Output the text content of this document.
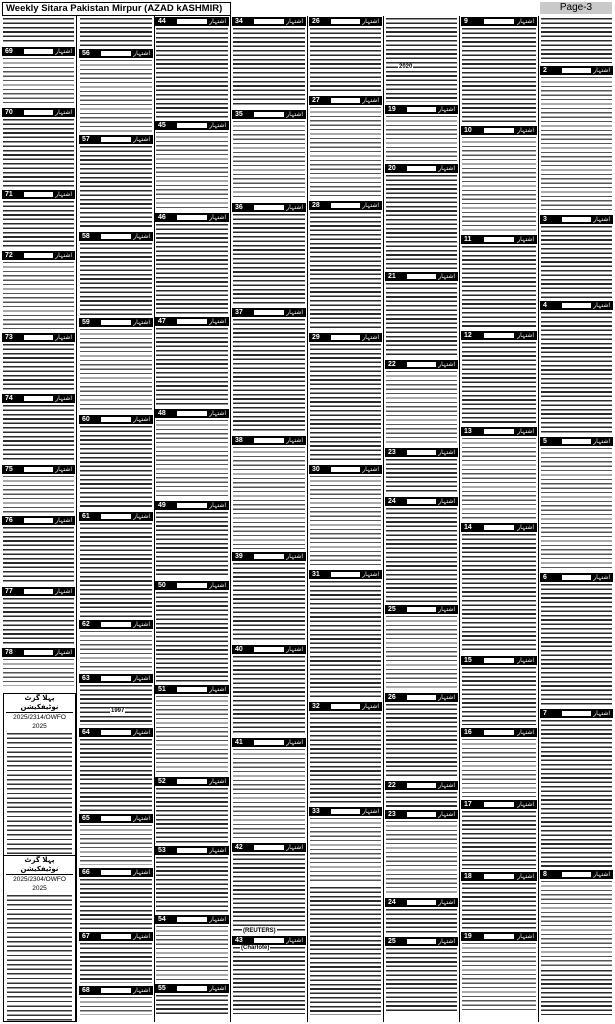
Weekly Sitara Pakistan Mirpur (AZAD kASHMIR)	Page-3
69	اشتہار
70	اشتہار
71	اشتہار
72	اشتہار
73	اشتہار
74	اشتہار
75	اشتہار
76	اشتہار
77	اشتہار
78	اشتہار
56	اشتہار
57	اشتہار
58	اشتہار
59	اشتہار
60	اشتہار
61	اشتہار
62	اشتہار
63	اشتہار
64	اشتہار
65	اشتہار
66	اشتہار
67	اشتہار
68	اشتہار
44	اشتہار
45	اشتہار
46	اشتہار
47	اشتہار
48	اشتہار
49	اشتہار
50	اشتہار
51	اشتہار
52	اشتہار
53	اشتہار
54	اشتہار
55	اشتہار
34	اشتہار
35	اشتہار
36	اشتہار
37	اشتہار
38	اشتہار
39	اشتہار
40	اشتہار
41	اشتہار
42	اشتہار
43	اشتہار
26	اشتہار
27	اشتہار
28	اشتہار
29	اشتہار
30	اشتہار
31	اشتہار
32	اشتہار
33	اشتہار
19	اشتہار
20	اشتہار
21	اشتہار
22	اشتہار
23	اشتہار
24	اشتہار
25	اشتہار
26	اشتہار
22	اشتہار
23	اشتہار
24	اشتہار
25	اشتہار
9	اشتہار
10	اشتہار
11	اشتہار
12	اشتہار
13	اشتہار
14	اشتہار
15	اشتہار
16	اشتہار
17	اشتہار
18	اشتہار
19	اشتہار
2	اشتہار
3	اشتہار
4	اشتہار
5	اشتہار
6	اشتہار
7	اشتہار
8	اشتہار
پہلا گزٹ نوٹیفکیشن
2025/2314/OWFO
2025
پہلا گزٹ نوٹیفکیشن
2025/2304/OWFO
2025
(REUTERS)
(Charlote)
2020
1997
